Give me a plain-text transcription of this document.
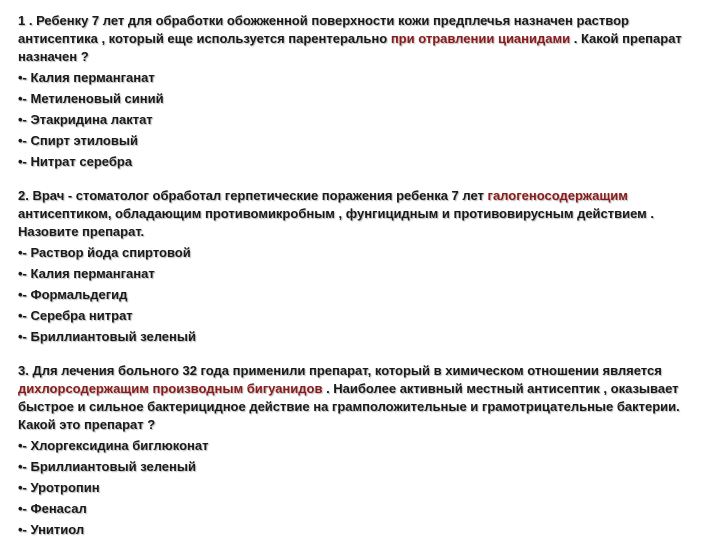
1 . Ребенку 7 лет для обработки обожженной поверхности кожи предплечья назначен раствор антисептика , который еще используется парентерально при отравлении цианидами . Какой препарат назначен ?

•- Калия перманганат
•- Метиленовый синий
•- Этакридина лактат
•- Спирт этиловый
•- Нитрат серебра

2. Врач - стоматолог обработал герпетические поражения ребенка 7 лет галогеносодержащим антисептиком, обладающим противомикробным , фунгицидным и противовирусным действием . Назовите препарат.

•- Раствор йода спиртовой
•- Калия перманганат
•- Формальдегид
•- Серебра нитрат
•- Бриллиантовый зеленый

3. Для лечения больного 32 года применили препарат, который в химическом отношении является дихлорсодержащим производным бигуанидов . Наиболее активный местный антисептик , оказывает быстрое и сильное бактерицидное действие на грамположительные и грамотрицательные бактерии. Какой это препарат ?

•- Хлоргексидина биглюконат
•- Бриллиантовый зеленый
•- Уротропин
•- Фенасал
•- Унитиол
